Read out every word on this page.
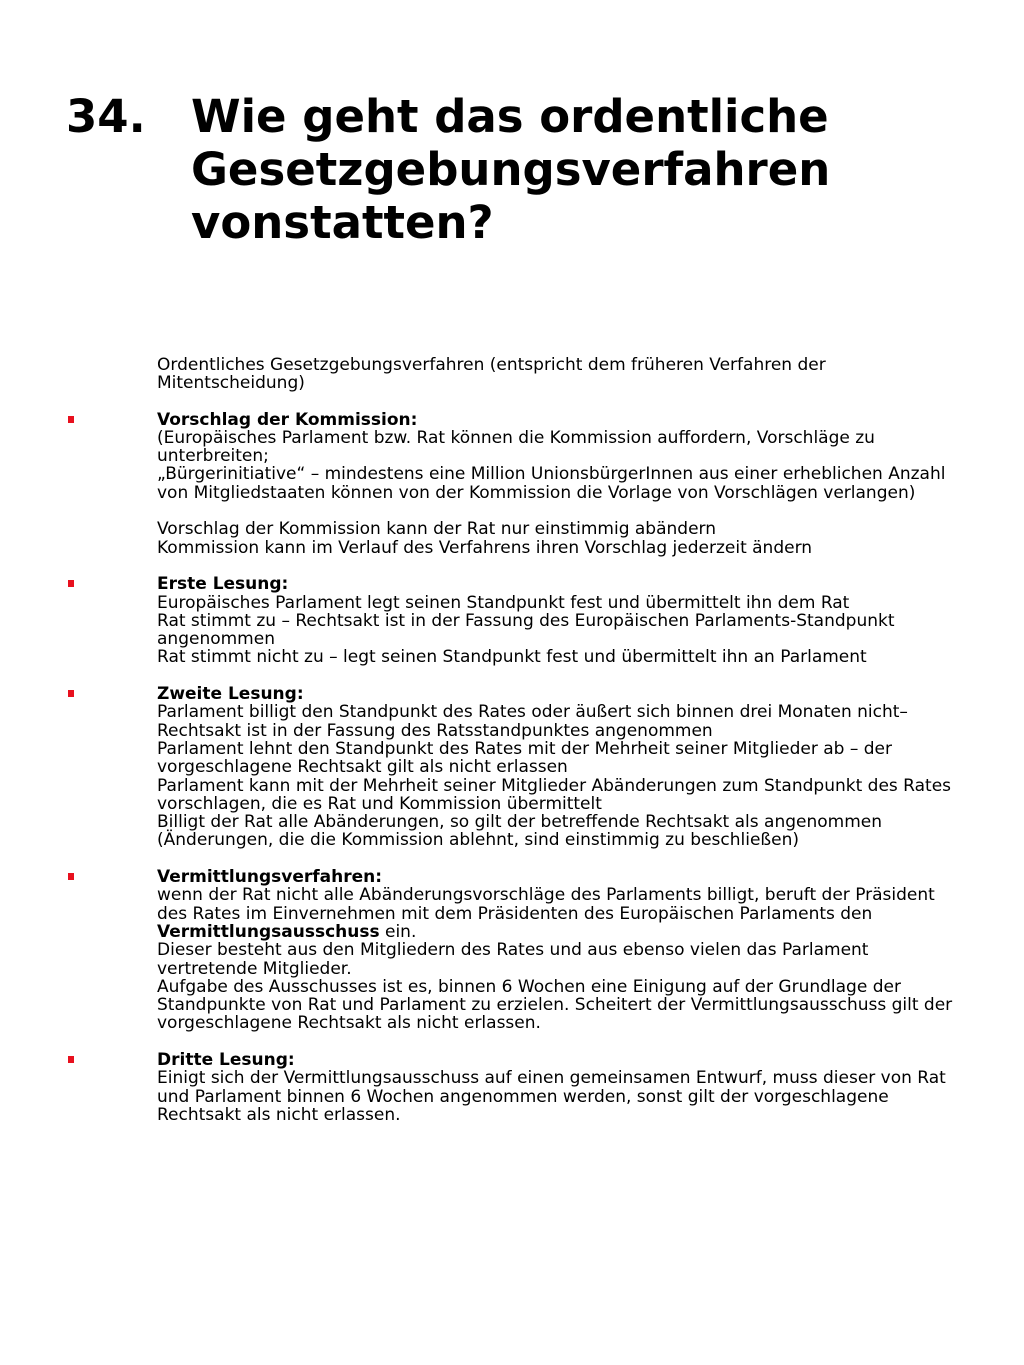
34. Wie geht das ordentliche
Gesetzgebungsverfahren
vonstatten?
Ordentliches Gesetzgebungsverfahren (entspricht dem früheren Verfahren der Mitentscheidung)
Vorschlag der Kommission:
(Europäisches Parlament bzw. Rat können die Kommission auffordern, Vorschläge zu unterbreiten;
„Bürgerinitiative“ – mindestens eine Million UnionsbürgerInnen aus einer erheblichen Anzahl von Mitgliedstaaten können von der Kommission die Vorlage von Vorschlägen verlangen)
Vorschlag der Kommission kann der Rat nur einstimmig abändern
Kommission kann im Verlauf des Verfahrens ihren Vorschlag jederzeit ändern
Erste Lesung:
Europäisches Parlament legt seinen Standpunkt fest und übermittelt ihn dem Rat
Rat stimmt zu – Rechtsakt ist in der Fassung des Europäischen Parlaments-Standpunkt angenommen
Rat stimmt nicht zu – legt seinen Standpunkt fest und übermittelt ihn an Parlament
Zweite Lesung:
Parlament billigt den Standpunkt des Rates oder äußert sich binnen drei Monaten nicht– Rechtsakt ist in der Fassung des Ratsstandpunktes angenommen
Parlament lehnt den Standpunkt des Rates mit der Mehrheit seiner Mitglieder ab – der vorgeschlagene Rechtsakt gilt als nicht erlassen
Parlament kann mit der Mehrheit seiner Mitglieder Abänderungen zum Standpunkt des Rates vorschlagen, die es Rat und Kommission übermittelt
Billigt der Rat alle Abänderungen, so gilt der betreffende Rechtsakt als angenommen (Änderungen, die die Kommission ablehnt, sind einstimmig zu beschließen)
Vermittlungsverfahren:
wenn der Rat nicht alle Abänderungsvorschläge des Parlaments billigt, beruft der Präsident des Rates im Einvernehmen mit dem Präsidenten des Europäischen Parlaments den Vermittlungsausschuss ein.
Dieser besteht aus den Mitgliedern des Rates und aus ebenso vielen das Parlament vertretende Mitglieder.
Aufgabe des Ausschusses ist es, binnen 6 Wochen eine Einigung auf der Grundlage der Standpunkte von Rat und Parlament zu erzielen. Scheitert der Vermittlungsausschuss gilt der vorgeschlagene Rechtsakt als nicht erlassen.
Dritte Lesung:
Einigt sich der Vermittlungsausschuss auf einen gemeinsamen Entwurf, muss dieser von Rat und Parlament binnen 6 Wochen angenommen werden, sonst gilt der vorgeschlagene Rechtsakt als nicht erlassen.
